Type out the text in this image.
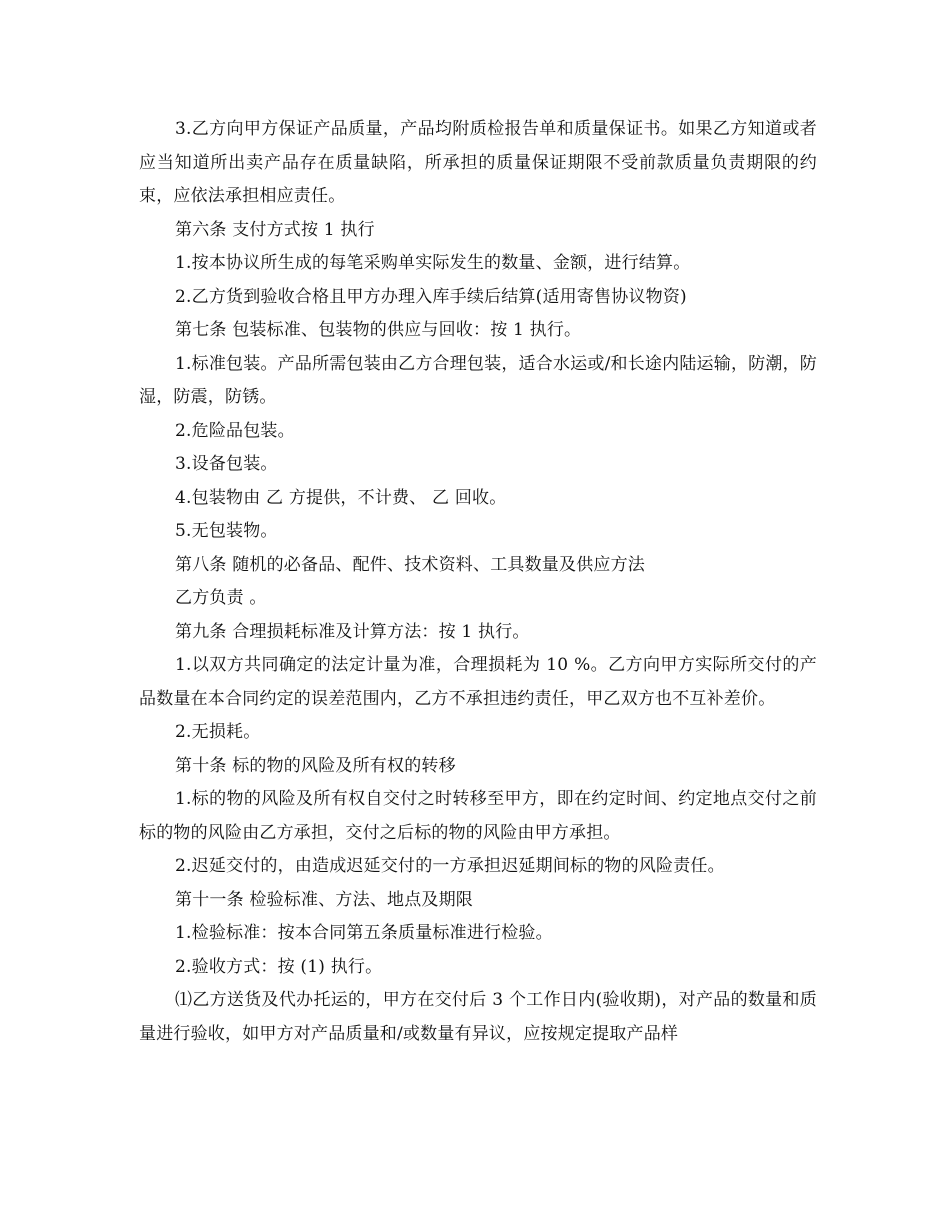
3.乙方向甲方保证产品质量，产品均附质检报告单和质量保证书。如果乙方知道或者应当知道所出卖产品存在质量缺陷，所承担的质量保证期限不受前款质量负责期限的约束，应依法承担相应责任。

第六条 支付方式按 1 执行

1.按本协议所生成的每笔采购单实际发生的数量、金额，进行结算。

2.乙方货到验收合格且甲方办理入库手续后结算(适用寄售协议物资)

第七条 包装标准、包装物的供应与回收：按 1 执行。

1.标准包装。产品所需包装由乙方合理包装，适合水运或/和长途内陆运输，防潮，防湿，防震，防锈。

2.危险品包装。

3.设备包装。

4.包装物由 乙 方提供，不计费、 乙 回收。

5.无包装物。

第八条 随机的必备品、配件、技术资料、工具数量及供应方法

乙方负责 。

第九条 合理损耗标准及计算方法：按 1 执行。

1.以双方共同确定的法定计量为准，合理损耗为 10 %。乙方向甲方实际所交付的产品数量在本合同约定的误差范围内，乙方不承担违约责任，甲乙双方也不互补差价。

2.无损耗。

第十条 标的物的风险及所有权的转移

1.标的物的风险及所有权自交付之时转移至甲方，即在约定时间、约定地点交付之前标的物的风险由乙方承担，交付之后标的物的风险由甲方承担。

2.迟延交付的，由造成迟延交付的一方承担迟延期间标的物的风险责任。

第十一条 检验标准、方法、地点及期限

1.检验标准：按本合同第五条质量标准进行检验。

2.验收方式：按 (1) 执行。

⑴乙方送货及代办托运的，甲方在交付后 3 个工作日内(验收期)，对产品的数量和质量进行验收，如甲方对产品质量和/或数量有异议，应按规定提取产品样
